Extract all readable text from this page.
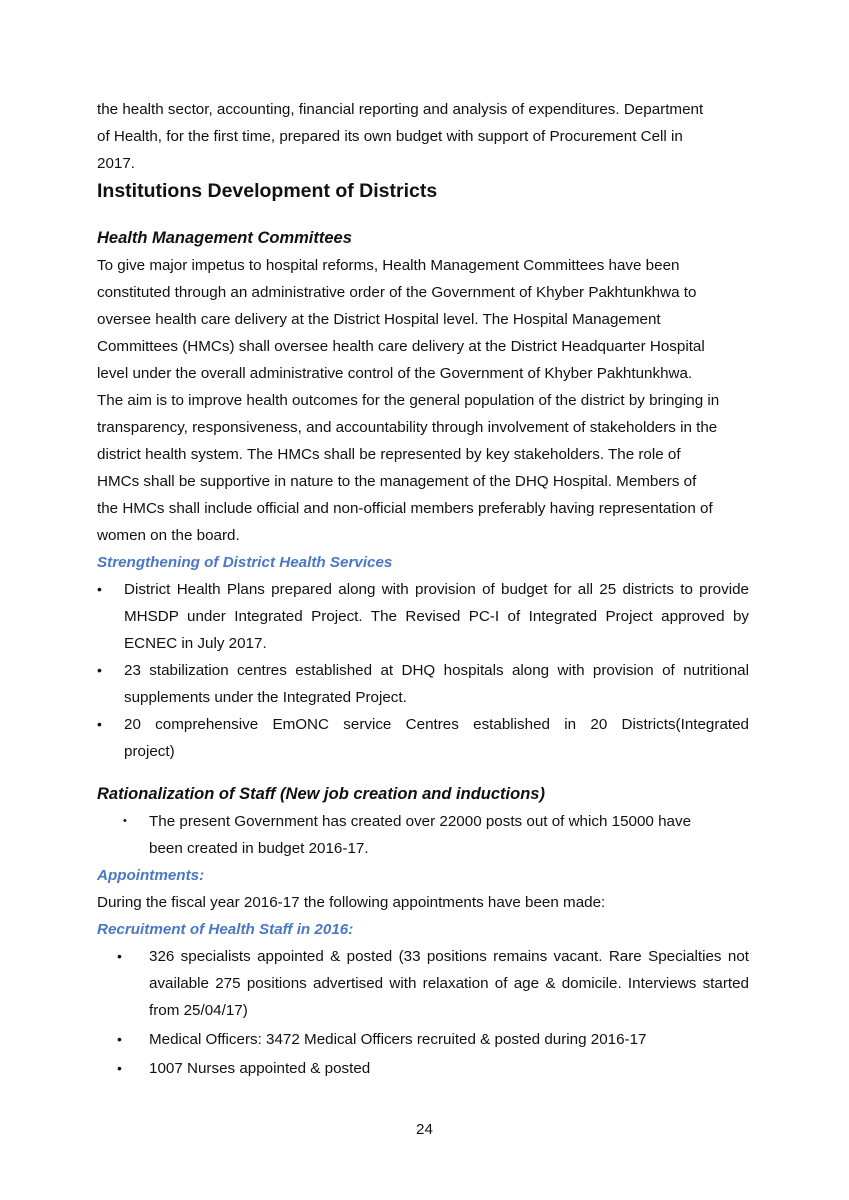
the health sector, accounting, financial reporting and analysis of expenditures. Department
of Health, for the first time, prepared its own budget with support of Procurement Cell in
2017.

Institutions Development of Districts
Health Management Committees

To give major impetus to hospital reforms, Health Management Committees have been
constituted through an administrative order of the Government of Khyber Pakhtunkhwa to
oversee health care delivery at the District Hospital level. The Hospital Management
Committees (HMCs) shall oversee health care delivery at the District Headquarter Hospital
level under the overall administrative control of the Government of Khyber Pakhtunkhwa.
The aim is to improve health outcomes for the general population of the district by bringing in
transparency, responsiveness, and accountability through involvement of stakeholders in the
district health system. The HMCs shall be represented by key stakeholders. The role of
HMCs shall be supportive in nature to the management of the DHQ Hospital. Members of
the HMCs shall include official and non-official members preferably having representation of
women on the board.

Strengthening of District Health Services
• District Health Plans prepared along with provision of budget for all 25 districts to provide MHSDP under Integrated Project. The Revised PC-I of Integrated Project approved by ECNEC in July 2017.

• 23 stabilization centres established at DHQ hospitals along with provision of nutritional supplements under the Integrated Project.

• 20 comprehensive EmONC service Centres established in 20 Districts(Integrated project)

Rationalization of Staff (New job creation and inductions)
• The present Government has created over 22000 posts out of which 15000 have been created in budget 2016-17.

Appointments:

During the fiscal year 2016-17 the following appointments have been made:

Recruitment of Health Staff in 2016:
• 326 specialists appointed & posted (33 positions remains vacant. Rare Specialties not available 275 positions advertised with relaxation of age & domicile. Interviews started from 25/04/17)

• Medical Officers: 3472 Medical Officers recruited & posted during 2016-17

• 1007 Nurses appointed & posted

24
